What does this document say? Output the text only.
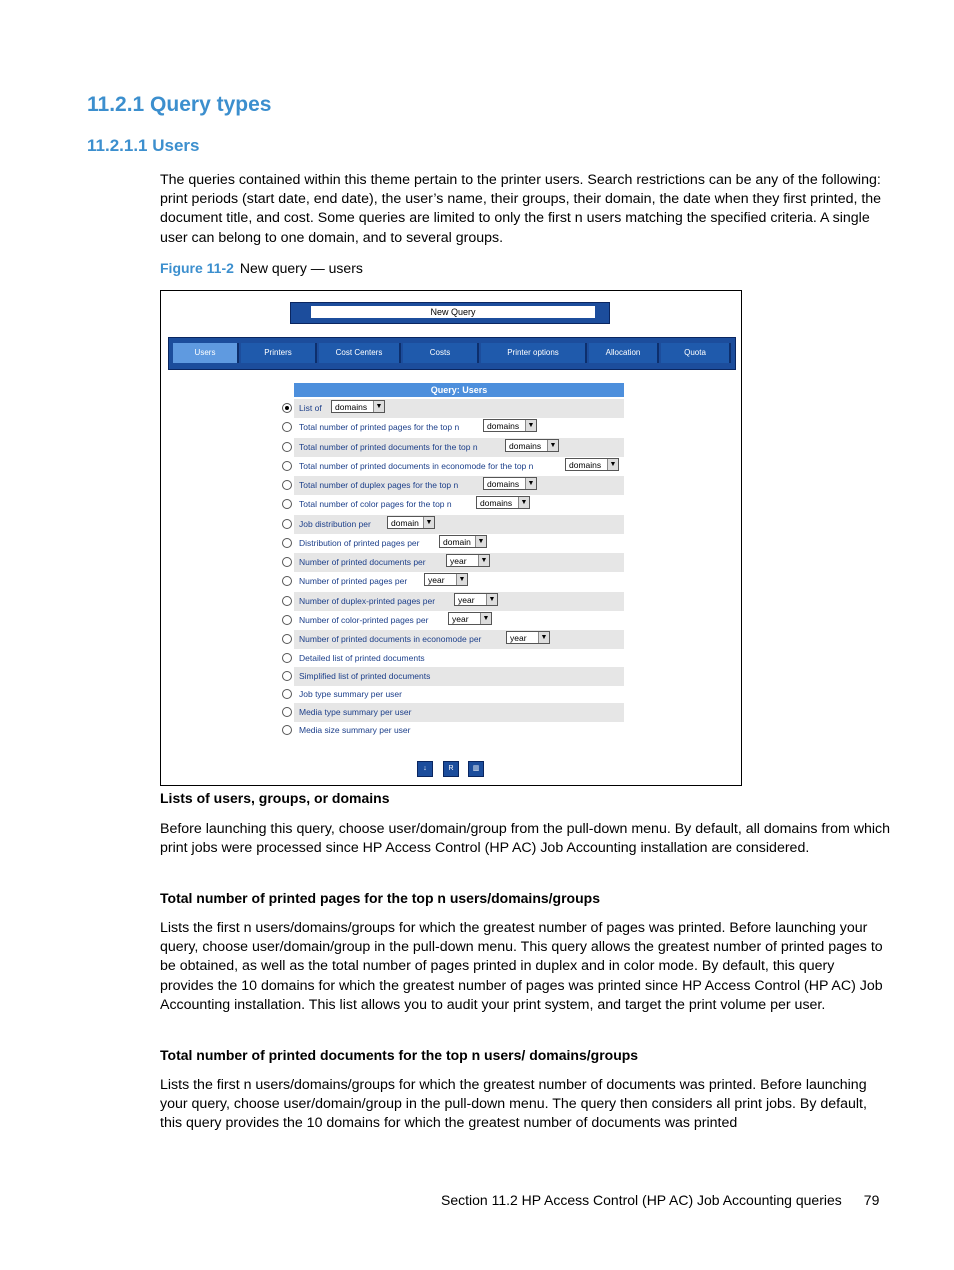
11.2.1 Query types
11.2.1.1 Users
The queries contained within this theme pertain to the printer users. Search restrictions can be any of the following: print periods (start date, end date), the user’s name, their groups, their domain, the date when they first printed, the document title, and cost. Some queries are limited to only the first n users matching the specified criteria. A single user can belong to one domain, and to several groups.
Figure 11-2 New query — users
New Query
Users	Printers	Cost Centers	Costs	Printer options	Allocation	Quota
Query: Users
List of	domains	▼
Total number of printed pages for the top n	domains	▼
Total number of printed documents for the top n	domains	▼
Total number of printed documents in economode for the top n	domains	▼
Total number of duplex pages for the top n	domains	▼
Total number of color pages for the top n	domains	▼
Job distribution per	domain ▼
Distribution of printed pages per	domain ▼
Number of printed documents per	year	▼
Number of printed pages per	year	▼
Number of duplex-printed pages per	year	▼
Number of color-printed pages per	year	▼
Number of printed documents in economode per	year	▼
Detailed list of printed documents
Simplified list of printed documents
Job type summary per user
Media type summary per user
Media size summary per user
↓	R	▥
Lists of users, groups, or domains
Before launching this query, choose user/domain/group from the pull-down menu. By default, all domains from which print jobs were processed since HP Access Control (HP AC) Job Accounting installation are considered.
Total number of printed pages for the top n users/domains/groups
Lists the first n users/domains/groups for which the greatest number of pages was printed. Before launching your query, choose user/domain/group in the pull-down menu. This query allows the greatest number of printed pages to be obtained, as well as the total number of pages printed in duplex and in color mode. By default, this query provides the 10 domains for which the greatest number of pages was printed since HP Access Control (HP AC) Job Accounting installation. This list allows you to audit your print system, and target the print volume per user.
Total number of printed documents for the top n users/ domains/groups
Lists the first n users/domains/groups for which the greatest number of documents was printed. Before launching your query, choose user/domain/group in the pull-down menu. The query then considers all print jobs. By default, this query provides the 10 domains for which the greatest number of documents was printed
Section 11.2 HP Access Control (HP AC) Job Accounting queries 79
